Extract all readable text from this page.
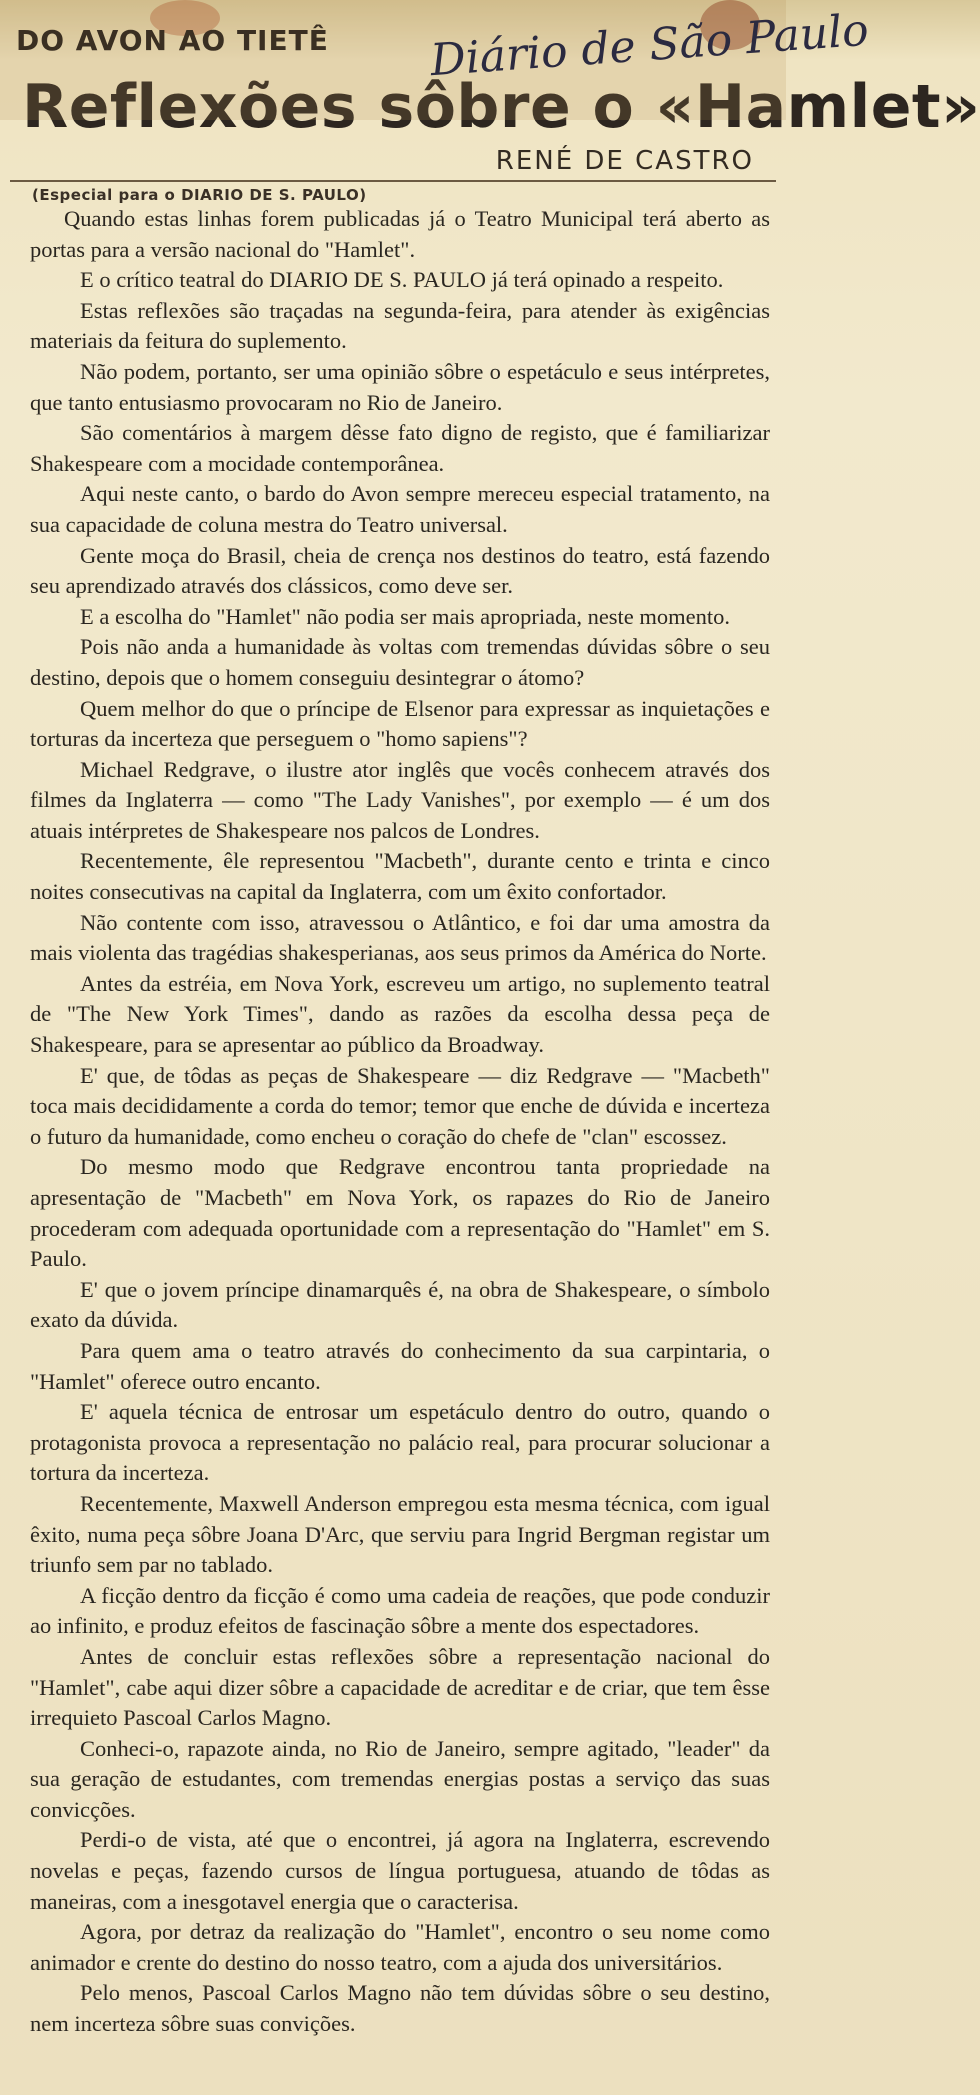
DO AVON AO TIETÊ Diário de São Paulo
Reflexões sôbre o «Hamlet»
RENÉ DE CASTRO
(Especial para o DIARIO DE S. PAULO)

Quando estas linhas forem publicadas já o Teatro Municipal terá aberto as portas para a versão nacional do "Hamlet".

E o crítico teatral do DIARIO DE S. PAULO já terá opinado a respeito.

Estas reflexões são traçadas na segunda-feira, para atender às exigências materiais da feitura do suplemento.

Não podem, portanto, ser uma opinião sôbre o espetáculo e seus intérpretes, que tanto entusiasmo provocaram no Rio de Janeiro.

São comentários à margem dêsse fato digno de registo, que é familiarizar Shakespeare com a mocidade contemporânea.

Aqui neste canto, o bardo do Avon sempre mereceu especial tratamento, na sua capacidade de coluna mestra do Teatro universal.

Gente moça do Brasil, cheia de crença nos destinos do teatro, está fazendo seu aprendizado através dos clássicos, como deve ser.

E a escolha do "Hamlet" não podia ser mais apropriada, neste momento.

Pois não anda a humanidade às voltas com tremendas dúvidas sôbre o seu destino, depois que o homem conseguiu desintegrar o átomo?

Quem melhor do que o príncipe de Elsenor para expressar as inquietações e torturas da incerteza que perseguem o "homo sapiens"?

Michael Redgrave, o ilustre ator inglês que vocês conhecem através dos filmes da Inglaterra — como "The Lady Vanishes", por exemplo — é um dos atuais intérpretes de Shakespeare nos palcos de Londres.

Recentemente, êle representou "Macbeth", durante cento e trinta e cinco noites consecutivas na capital da Inglaterra, com um êxito confortador.

Não contente com isso, atravessou o Atlântico, e foi dar uma amostra da mais violenta das tragédias shakesperianas, aos seus primos da América do Norte.

Antes da estréia, em Nova York, escreveu um artigo, no suplemento teatral de "The New York Times", dando as razões da escolha dessa peça de Shakespeare, para se apresentar ao público da Broadway.

E' que, de tôdas as peças de Shakespeare — diz Redgrave — "Macbeth" toca mais decididamente a corda do temor; temor que enche de dúvida e incerteza o futuro da humanidade, como encheu o coração do chefe de "clan" escossez.

Do mesmo modo que Redgrave encontrou tanta propriedade na apresentação de "Macbeth" em Nova York, os rapazes do Rio de Janeiro procederam com adequada oportunidade com a representação do "Hamlet" em S. Paulo.

E' que o jovem príncipe dinamarquês é, na obra de Shakespeare, o símbolo exato da dúvida.

Para quem ama o teatro através do conhecimento da sua carpintaria, o "Hamlet" oferece outro encanto.

E' aquela técnica de entrosar um espetáculo dentro do outro, quando o protagonista provoca a representação no palácio real, para procurar solucionar a tortura da incerteza.

Recentemente, Maxwell Anderson empregou esta mesma técnica, com igual êxito, numa peça sôbre Joana D'Arc, que serviu para Ingrid Bergman registar um triunfo sem par no tablado.

A ficção dentro da ficção é como uma cadeia de reações, que pode conduzir ao infinito, e produz efeitos de fascinação sôbre a mente dos espectadores.

Antes de concluir estas reflexões sôbre a representação nacional do "Hamlet", cabe aqui dizer sôbre a capacidade de acreditar e de criar, que tem êsse irrequieto Pascoal Carlos Magno.

Conheci-o, rapazote ainda, no Rio de Janeiro, sempre agitado, "leader" da sua geração de estudantes, com tremendas energias postas a serviço das suas convicções.

Perdi-o de vista, até que o encontrei, já agora na Inglaterra, escrevendo novelas e peças, fazendo cursos de língua portuguesa, atuando de tôdas as maneiras, com a inesgotavel energia que o caracterisa.

Agora, por detraz da realização do "Hamlet", encontro o seu nome como animador e crente do destino do nosso teatro, com a ajuda dos universitários.

Pelo menos, Pascoal Carlos Magno não tem dúvidas sôbre o seu destino, nem incerteza sôbre suas convições.
